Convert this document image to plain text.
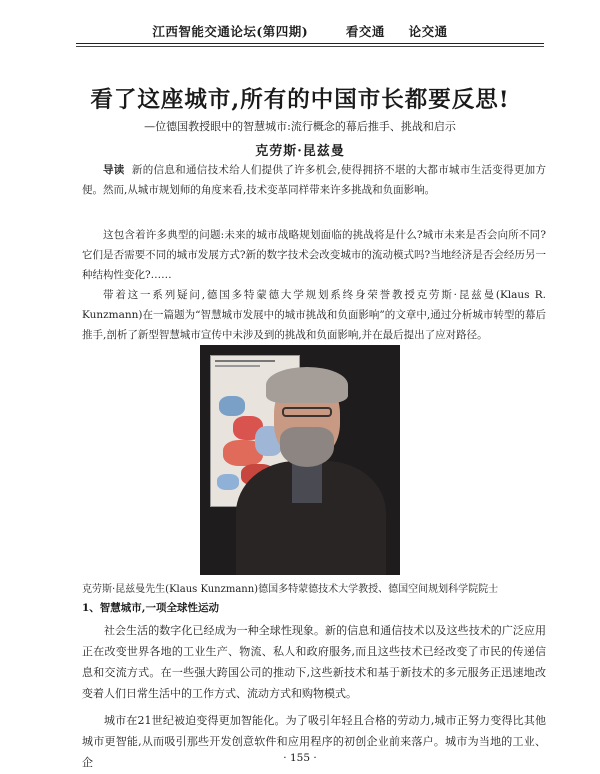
江西智能交通论坛(第四期)	看交通 论交通
看了这座城市,所有的中国市长都要反思!
—位德国教授眼中的智慧城市:流行概念的幕后推手、挑战和启示
克劳斯·昆兹曼

导读 新的信息和通信技术给人们提供了许多机会,使得拥挤不堪的大都市城市生活变得更加方便。然而,从城市规划师的角度来看,技术变革同样带来许多挑战和负面影响。

这包含着许多典型的问题:未来的城市战略规划面临的挑战将是什么?城市未来是否会向所不同?它们是否需要不同的城市发展方式?新的数字技术会改变城市的流动模式吗?当地经济是否会经历另一种结构性变化?……

带着这一系列疑问,德国多特蒙德大学规划系终身荣誉教授克劳斯·昆兹曼(Klaus R. Kunzmann)在一篇题为“智慧城市发展中的城市挑战和负面影响”的文章中,通过分析城市转型的幕后推手,剖析了新型智慧城市宣传中未涉及到的挑战和负面影响,并在最后提出了应对路径。

克劳斯·昆兹曼先生(Klaus Kunzmann)德国多特蒙德技术大学教授、德国空间规划科学院院士
1、智慧城市,一项全球性运动

社会生活的数字化已经成为一种全球性现象。新的信息和通信技术以及这些技术的广泛应用正在改变世界各地的工业生产、物流、私人和政府服务,而且这些技术已经改变了市民的传递信息和交流方式。在一些强大跨国公司的推动下,这些新技术和基于新技术的多元服务正迅速地改变着人们日常生活中的工作方式、流动方式和购物模式。

城市在21世纪被迫变得更加智能化。为了吸引年轻且合格的劳动力,城市正努力变得比其他城市更智能,从而吸引那些开发创意软件和应用程序的初创企业前来落户。城市为当地的工业、企	· 155 ·
